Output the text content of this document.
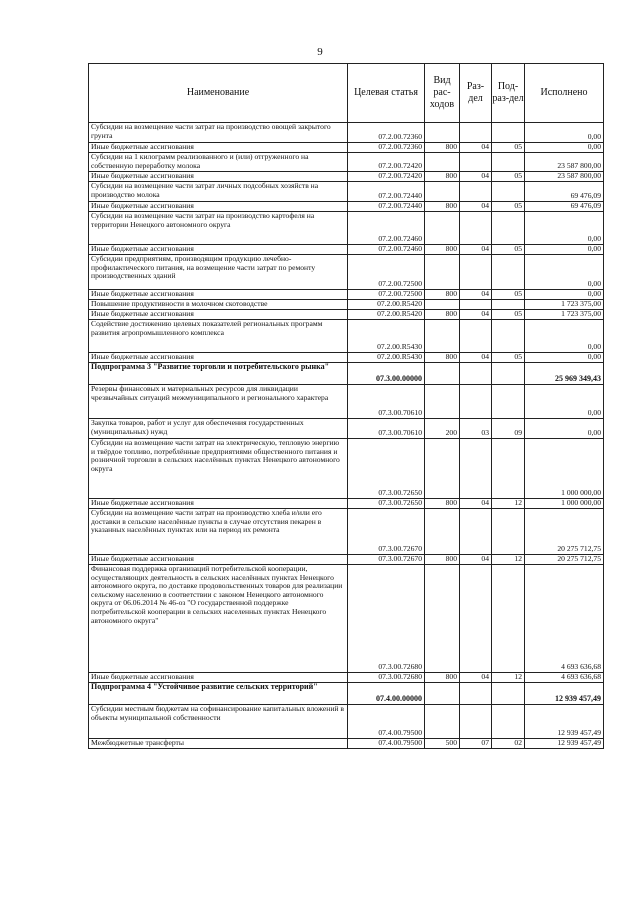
9
Наименование	Целевая статья	Вид рас-ходов	Раз-дел	Под-раз-дел	Исполнено
Субсидии на возмещение части затрат на производство овощей закрытого грунта	07.2.00.72360				0,00
Иные бюджетные ассигнования	07.2.00.72360	800	04	05	0,00
Субсидии на 1 килограмм реализованного и (или) отгруженного на собственную переработку молока	07.2.00.72420				23 587 800,00
Иные бюджетные ассигнования	07.2.00.72420	800	04	05	23 587 800,00
Субсидии на возмещение части затрат личных подсобных хозяйств на производство молока	07.2.00.72440				69 476,09
Иные бюджетные ассигнования	07.2.00.72440	800	04	05	69 476,09
Субсидии на возмещение части затрат на производство картофеля на территории Ненецкого автономного округа	07.2.00.72460				0,00
Иные бюджетные ассигнования	07.2.00.72460	800	04	05	0,00
Субсидии предприятиям, производящим продукцию лечебно-профилактического питания, на возмещение части затрат по ремонту производственных зданий	07.2.00.72500				0,00
Иные бюджетные ассигнования	07.2.00.72500	800	04	05	0,00
Повышение продуктивности в молочном скотоводстве	07.2.00.R5420				1 723 375,00
Иные бюджетные ассигнования	07.2.00.R5420	800	04	05	1 723 375,00
Содействие достижению целевых показателей региональных программ развития агропромышленного комплекса	07.2.00.R5430				0,00
Иные бюджетные ассигнования	07.2.00.R5430	800	04	05	0,00
Подпрограмма 3 "Развитие торговли и потребительского рынка"	07.3.00.00000				25 969 349,43
Резервы финансовых и материальных ресурсов для ликвидации чрезвычайных ситуаций межмуниципального и регионального характера	07.3.00.70610				0,00
Закупка товаров, работ и услуг для обеспечения государственных (муниципальных) нужд	07.3.00.70610	200	03	09	0,00
Субсидии на возмещение части затрат на электрическую, тепловую энергию и твёрдое топливо, потреблённые предприятиями общественного питания и розничной торговли в сельских населённых пунктах Ненецкого автономного округа	07.3.00.72650				1 000 000,00
Иные бюджетные ассигнования	07.3.00.72650	800	04	12	1 000 000,00
Субсидии на возмещение части затрат на производство хлеба и/или его доставки в сельские населённые пункты в случае отсутствия пекарен в указанных населённых пунктах или на период их ремонта	07.3.00.72670				20 275 712,75
Иные бюджетные ассигнования	07.3.00.72670	800	04	12	20 275 712,75
Финансовая поддержка организаций потребительской кооперации, осуществляющих деятельность в сельских населённых пунктах Ненецкого автономного округа, по доставке продовольственных товаров для реализации сельскому населению в соответствии с законом Ненецкого автономного округа от 06.06.2014 № 46-оз "О государственной поддержке потребительской кооперации в сельских населенных пунктах Ненецкого автономного округа"	07.3.00.72680				4 693 636,68
Иные бюджетные ассигнования	07.3.00.72680	800	04	12	4 693 636,68
Подпрограмма 4 "Устойчивое развитие сельских территорий"	07.4.00.00000				12 939 457,49
Субсидии местным бюджетам на софинансирование капитальных вложений в объекты муниципальной собственности	07.4.00.79500				12 939 457,49
Межбюджетные трансферты	07.4.00.79500	500	07	02	12 939 457,49
